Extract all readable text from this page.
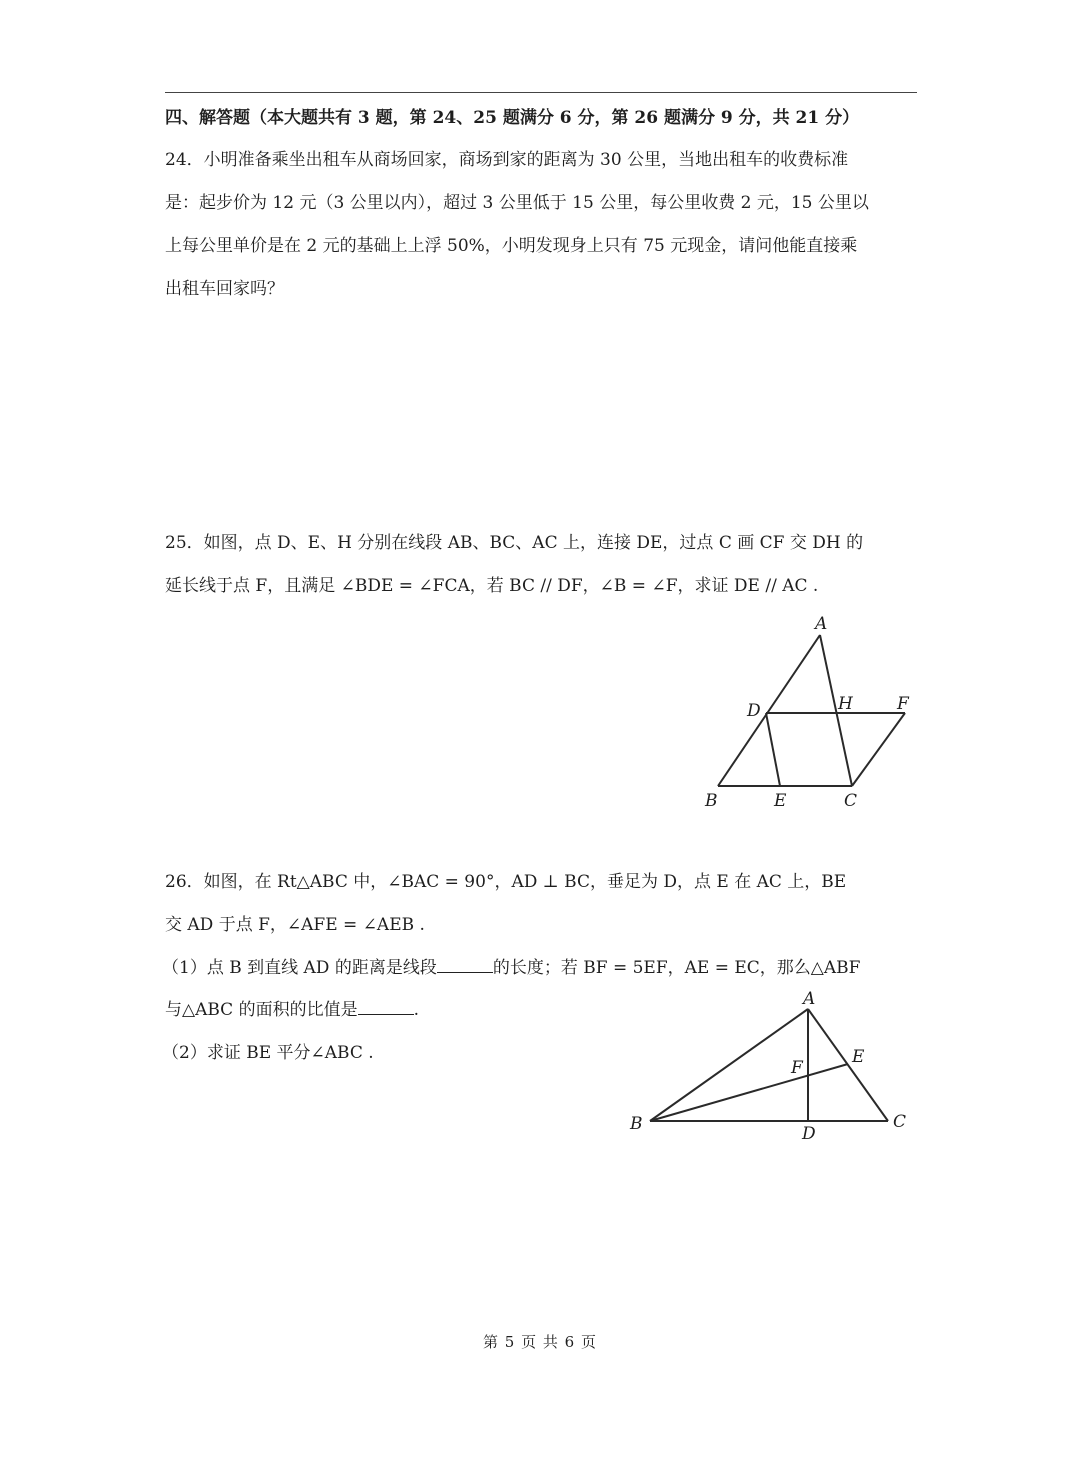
四、解答题（本大题共有 3 题，第 24、25 题满分 6 分，第 26 题满分 9 分，共 21 分）
24．小明准备乘坐出租车从商场回家，商场到家的距离为 30 公里，当地出租车的收费标准
是：起步价为 12 元（3 公里以内），超过 3 公里低于 15 公里，每公里收费 2 元，15 公里以
上每公里单价是在 2 元的基础上上浮 50%，小明发现身上只有 75 元现金，请问他能直接乘
出租车回家吗？
25．如图，点 D、E、H 分别在线段 AB、BC、AC 上，连接 DE，过点 C 画 CF 交 DH 的
延长线于点 F，且满足 ∠BDE = ∠FCA，若 BC // DF，∠B = ∠F，求证 DE // AC .
A
D	H	F
B	E	C
26．如图，在 Rt△ABC 中，∠BAC = 90°，AD ⊥ BC，垂足为 D，点 E 在 AC 上，BE
交 AD 于点 F，∠AFE = ∠AEB .
（1）点 B 到直线 AD 的距离是线段	的长度；若 BF = 5EF，AE = EC，那么△ABF
与△ABC 的面积的比值是	.
（2）求证 BE 平分∠ABC .
A
E
F
B	D
C
第 5 页 共 6 页
